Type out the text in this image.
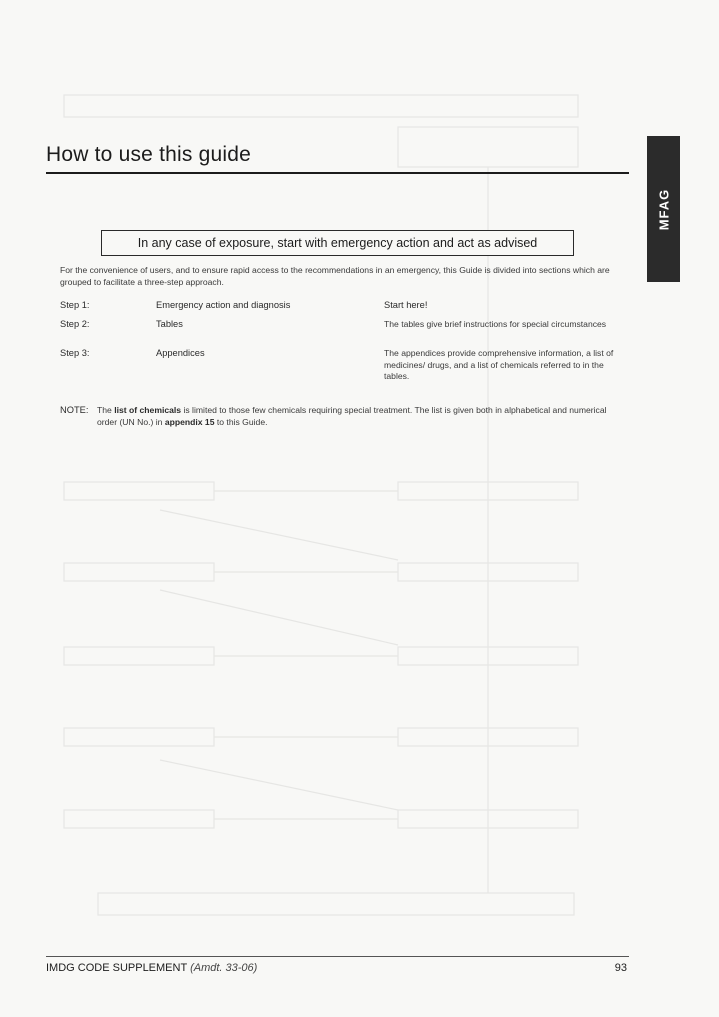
How to use this guide
MFAG
In any case of exposure, start with emergency action and act as advised

For the convenience of users, and to ensure rapid access to the recommendations in an emergency, this Guide is divided into sections which are grouped to facilitate a three-step approach.

Step 1:	Emergency action and diagnosis	Start here!
Step 2:	Tables	The tables give brief instructions for special circumstances
Step 3:	Appendices	The appendices provide comprehensive information, a list of medicines/ drugs, and a list of chemicals referred to in the tables.
NOTE: The list of chemicals is limited to those few chemicals requiring special treatment. The list is given both in alphabetical and numerical order (UN No.) in appendix 15 to this Guide.
IMDG CODE SUPPLEMENT (Amdt. 33-06)	93
